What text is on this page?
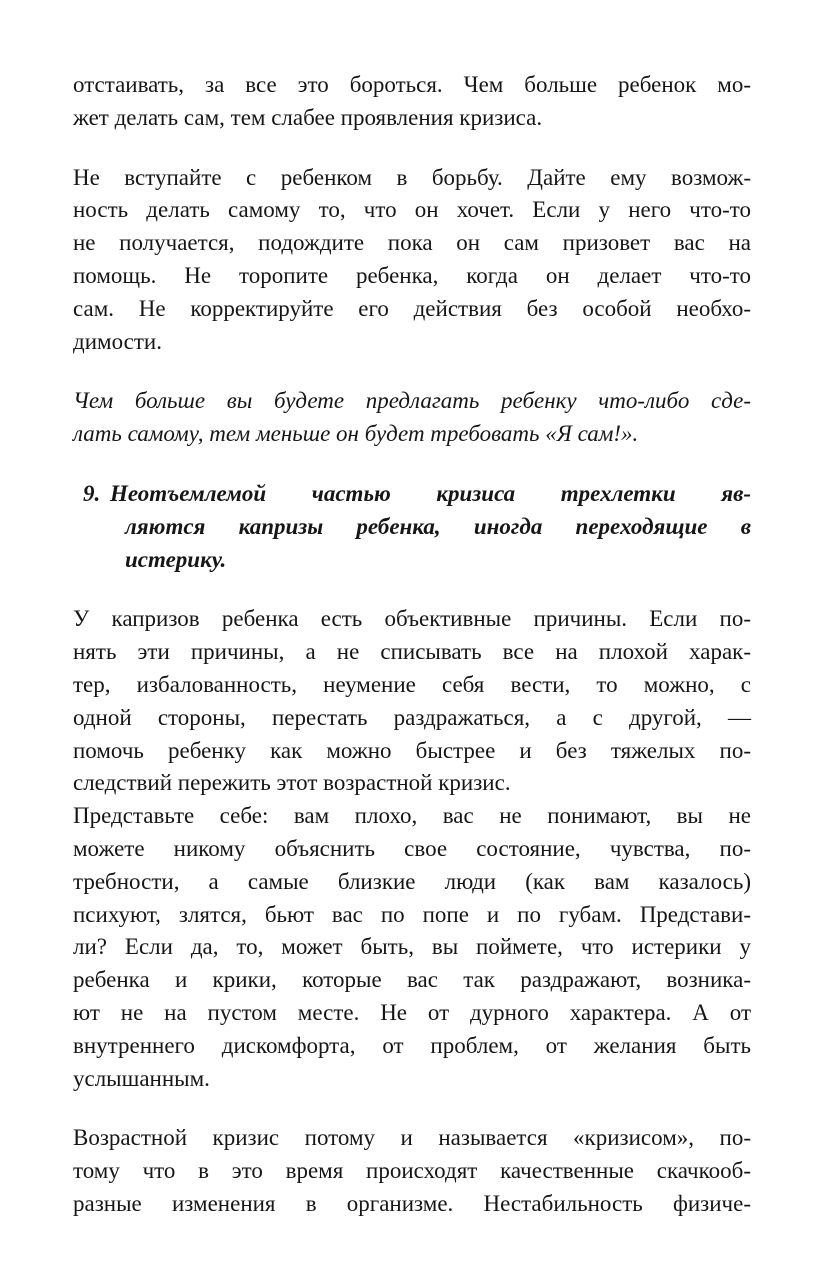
отстаивать, за все это бороться. Чем больше ребенок мо-
жет делать сам, тем слабее проявления кризиса.
Не вступайте с ребенком в борьбу. Дайте ему возмож-
ность делать самому то, что он хочет. Если у него что-то
не получается, подождите пока он сам призовет вас на
помощь. Не торопите ребенка, когда он делает что-то
сам. Не корректируйте его действия без особой необхо-
димости.
Чем больше вы будете предлагать ребенку что-либо сде-
лать самому, тем меньше он будет требовать «Я сам!».
9. Неотъемлемой частью кризиса трехлетки яв-
ляются капризы ребенка, иногда переходящие в
истерику.
У капризов ребенка есть объективные причины. Если по-
нять эти причины, а не списывать все на плохой харак-
тер, избалованность, неумение себя вести, то можно, с
одной стороны, перестать раздражаться, а с другой, —
помочь ребенку как можно быстрее и без тяжелых по-
следствий пережить этот возрастной кризис.
Представьте себе: вам плохо, вас не понимают, вы не
можете никому объяснить свое состояние, чувства, по-
требности, а самые близкие люди (как вам казалось)
психуют, злятся, бьют вас по попе и по губам. Представи-
ли? Если да, то, может быть, вы поймете, что истерики у
ребенка и крики, которые вас так раздражают, возника-
ют не на пустом месте. Не от дурного характера. А от
внутреннего дискомфорта, от проблем, от желания быть
услышанным.
Возрастной кризис потому и называется «кризисом», по-
тому что в это время происходят качественные скачкооб-
разные изменения в организме. Нестабильность физиче-
